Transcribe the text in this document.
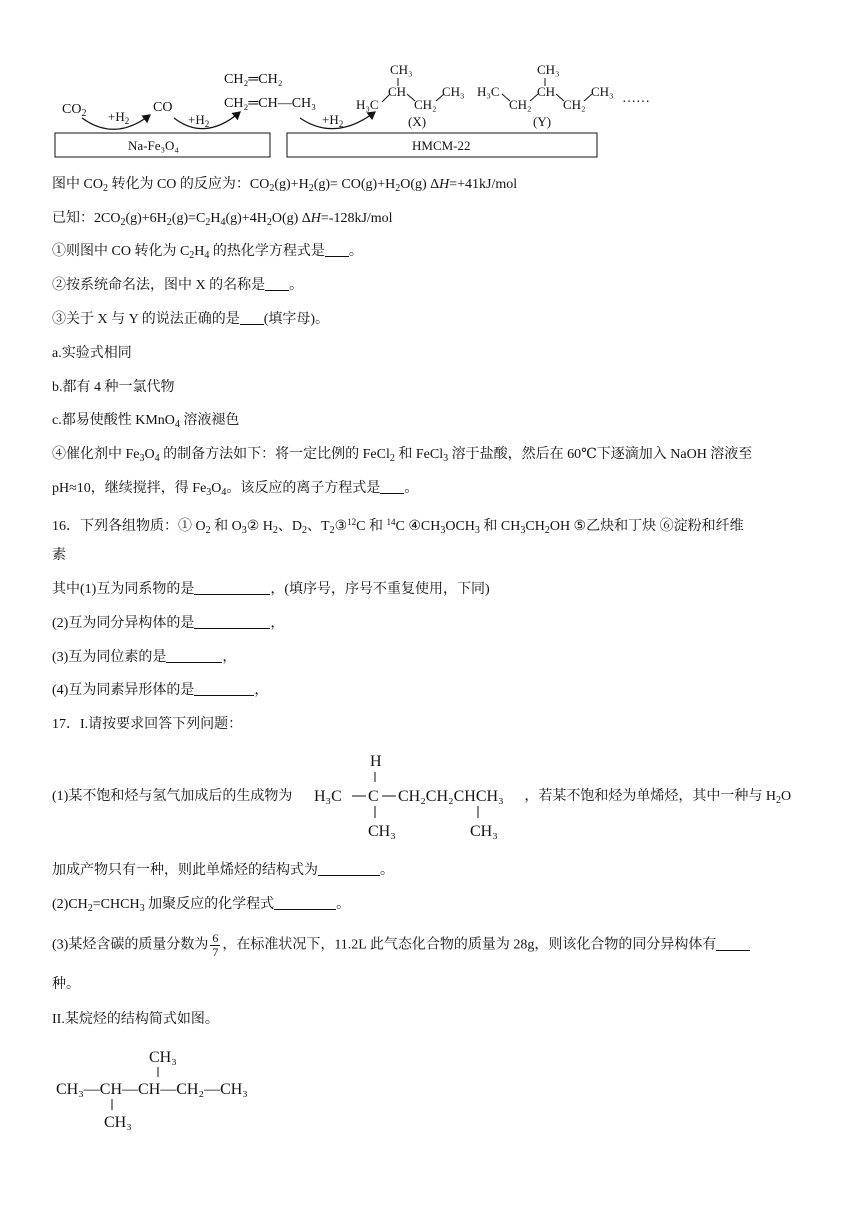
Na-Fe₃O₄	HMCM-22
$CO_2 +H_2$
CO
$+H_2$
CH₂═CH₂
CH₂═CH—CH₃
$+H_2$
CH₃
H₃C
CH
CH₂
CH₃
(X)
CH₃
H₃C
CH₂
CH
CH₂
CH₃
(Y)
……
图中 $CO_2$ 转化为 CO 的反应为：$CO_2(g)+H_2(g)= CO(g)+H_2O(g)$ ΔH=+41kJ/mol
已知：$2CO_2(g)+6H_2(g)=C_2H_4(g)+4H_2O(g)$ ΔH=-128kJ/mol
①则图中 CO 转化为 $C_2H_4$ 的热化学方程式是 。
②按系统命名法，图中 X 的名称是 。
③关于 X 与 Y 的说法正确的是 (填字母)。
a.实验式相同
b.都有 4 种一氯代物
c.都易使酸性 KMnO$_4$ 溶液褪色
④催化剂中 $Fe_3O_4$ 的制备方法如下：将一定比例的 FeCl$_2$ 和 FeCl$_3$ 溶于盐酸，然后在 60℃下逐滴加入 NaOH 溶液至
pH≈10，继续搅拌，得 $Fe_3O_4$。该反应的离子方程式是 。
16．下列各组物质：① $O_2$ 和 $O_3②$ $H_2$、$D_2$、$T_2③^{12}C$ 和 $^{14}$C $④CH_3OCH_3$ 和 $CH_3CH_2OH$ ⑤乙炔和丁炔 ⑥淀粉和纤维
素
其中(1)互为同系物的是	，(填序号，序号不重复使用，下同)
(2)互为同分异构体的是	，
(3)互为同位素的是	，
(4)互为同素异形体的是	，
17．I.请按要求回答下列问题：
(1)某不饱和烃与氢气加成后的生成物为	，若某不饱和烃为单烯烃，其中一种与 $H_2O$
H
H₃C C CH₂CH₂CHCH₃
CH₃	CH₃
加成产物只有一种，则此单烯烃的结构式为	。
$(2)CH_2=CHCH_3$ 加聚反应的化学程式	。
(3)某烃含碳的质量分数为 $\frac{6}{7}$ ，在标准状况下，11.2L 此气态化合物的质量为 28g，则该化合物的同分异构体有
种。
II.某烷烃的结构简式如图。
CH₃
CH₃—CH—CH—CH₂—CH₃
CH₃
